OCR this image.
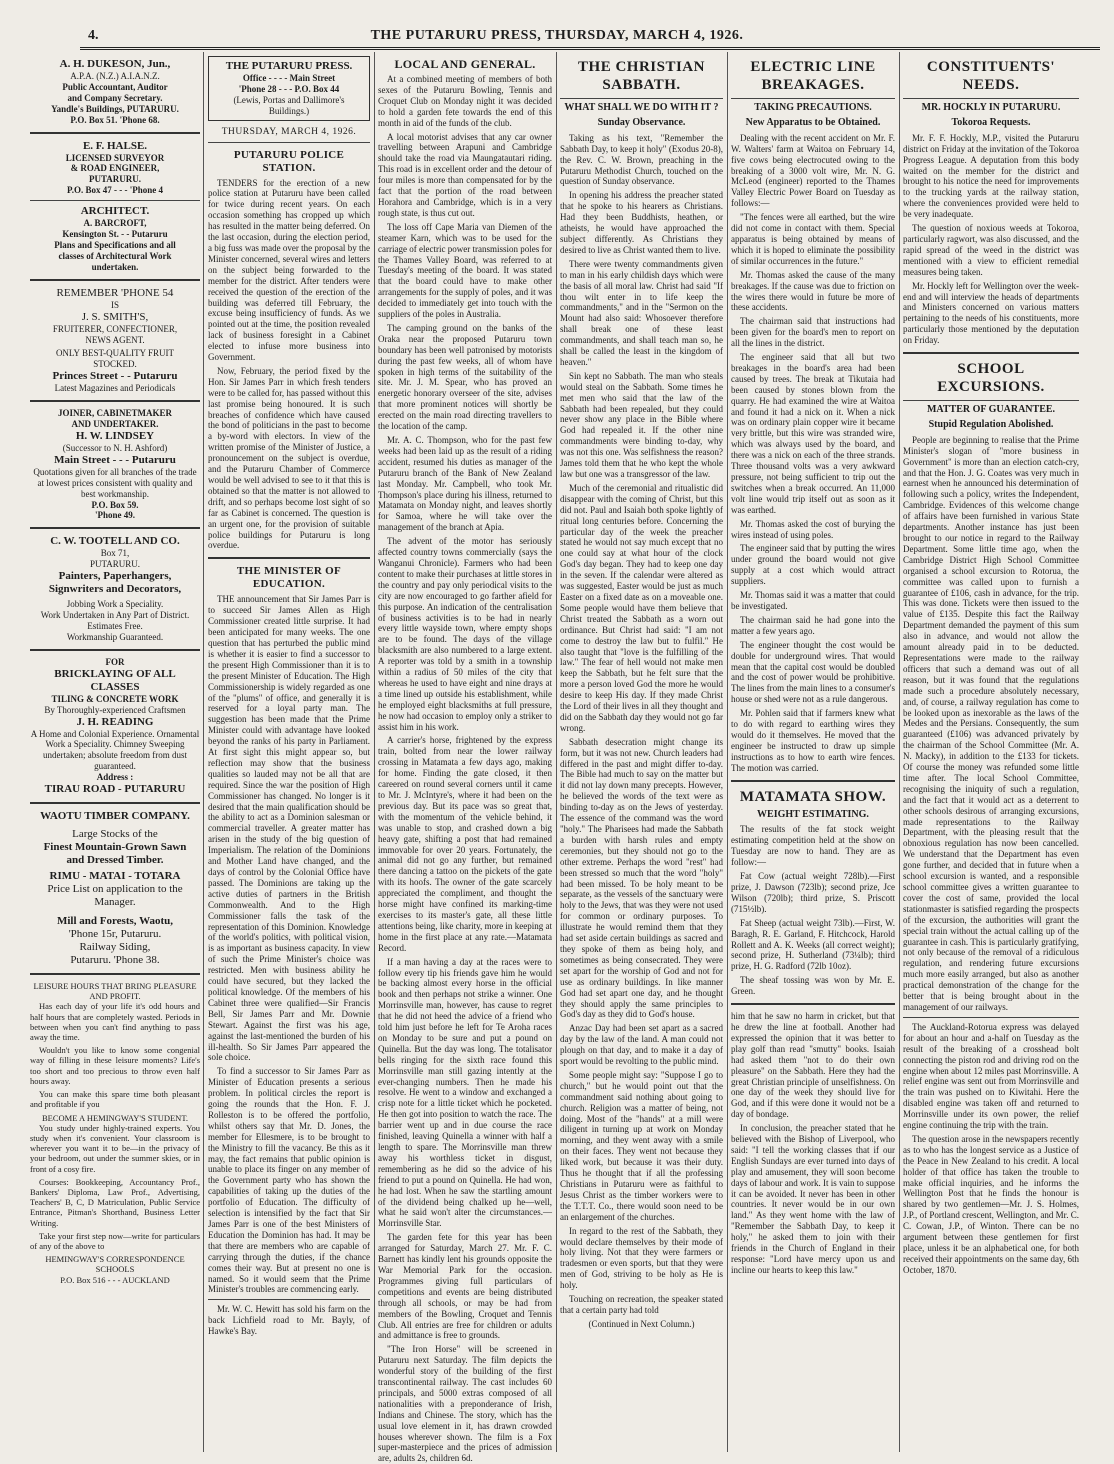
4.	THE PUTARURU PRESS, THURSDAY, MARCH 4, 1926.
A. H. DUKESON, Jun.,
A.P.A. (N.Z.) A.I.A.N.Z.
Public Accountant, Auditor
and Company Secretary.
Yandle's Buildings, PUTARURU.
P.O. Box 51. 'Phone 68.
E. F. HALSE.
LICENSED SURVEYOR
& ROAD ENGINEER,
PUTARURU.
P.O. Box 47 - - - 'Phone 4
ARCHITECT.
A. BARCROFT,
Kensington St. - - Putaruru
Plans and Specifications and all
classes of Architectural Work
undertaken.
REMEMBER 'PHONE 54
IS
J. S. SMITH'S,
FRUITERER, CONFECTIONER,
NEWS AGENT.
ONLY BEST-QUALITY FRUIT
STOCKED.
Princes Street - - Putaruru
Latest Magazines and Periodicals
JOINER, CABINETMAKER
AND UNDERTAKER.
H. W. LINDSEY
(Successor to N. H. Ashford)
Main Street - - - Putaruru
Quotations given for all branches of the trade at lowest prices consistent with quality and best workmanship.
P.O. Box 59.
'Phone 49.
C. W. TOOTELL AND CO.
Box 71,
PUTARURU.
Painters, Paperhangers,
Signwriters and Decorators,
Jobbing Work a Speciality.
Work Undertaken in Any Part of District.
Estimates Free.
Workmanship Guaranteed.
FOR
BRICKLAYING OF ALL
CLASSES
TILING & CONCRETE WORK
By Thoroughly-experienced Craftsmen
J. H. READING
A Home and Colonial Experience. Ornamental Work a Speciality. Chimney Sweeping undertaken; absolute freedom from dust guaranteed.
Address :
TIRAU ROAD - PUTARURU
WAOTU TIMBER COMPANY.
Large Stocks of the
Finest Mountain-Grown Sawn
and Dressed Timber.
RIMU - MATAI - TOTARA
Price List on application to the Manager.
Mill and Forests, Waotu,
'Phone 15r, Putaruru.
Railway Siding,
Putaruru. 'Phone 38.
LEISURE HOURS THAT BRING PLEASURE AND PROFIT.

Has each day of your life it's odd hours and half hours that are completely wasted. Periods in between when you can't find anything to pass away the time.

Wouldn't you like to know some congenial way of filling in these leisure moments? Life's too short and too precious to throw even half hours away.

You can make this spare time both pleasant and profitable if you

BECOME A HEMINGWAY'S STUDENT.

You study under highly-trained experts. You study when it's convenient. Your classroom is wherever you want it to be—in the privacy of your bedroom, out under the summer skies, or in front of a cosy fire.

Courses: Bookkeeping, Accountancy Prof., Bankers' Diploma, Law Prof., Advertising, Teachers' B, C, D Matriculation, Public Service Entrance, Pitman's Shorthand, Business Letter Writing.

Take your first step now—write for particulars of any of the above to

HEMINGWAY'S CORRESPONDENCE SCHOOLS
P.O. Box 516 - - - AUCKLAND
THE PUTARURU PRESS.
Office - - - - Main Street
'Phone 28 - - - P.O. Box 44
(Lewis, Portas and Dallimore's Buildings.)
THURSDAY, MARCH 4, 1926.
PUTARURU POLICE STATION.

TENDERS for the erection of a new police station at Putaruru have been called for twice during recent years. On each occasion something has cropped up which has resulted in the matter being deferred. On the last occasion, during the election period, a big fuss was made over the proposal by the Minister concerned, several wires and letters on the subject being forwarded to the member for the district. After tenders were received the question of the erection of the building was deferred till February, the excuse being insufficiency of funds. As we pointed out at the time, the position revealed lack of business foresight in a Cabinet elected to infuse more business into Government.

Now, February, the period fixed by the Hon. Sir James Parr in which fresh tenders were to be called for, has passed without this last promise being honoured. It is such breaches of confidence which have caused the bond of politicians in the past to become a by-word with electors. In view of the written promise of the Minister of Justice, a pronouncement on the subject is overdue, and the Putaruru Chamber of Commerce would be well advised to see to it that this is obtained so that the matter is not allowed to drift, and so perhaps become lost sight of so far as Cabinet is concerned. The question is an urgent one, for the provision of suitable police buildings for Putaruru is long overdue.

THE MINISTER OF EDUCATION.

THE announcement that Sir James Parr is to succeed Sir James Allen as High Commissioner created little surprise. It had been anticipated for many weeks. The one question that has perturbed the public mind is whether it is easier to find a successor to the present High Commissioner than it is to the present Minister of Education. The High Commissionership is widely regarded as one of the "plums" of office, and generally it is reserved for a loyal party man. The suggestion has been made that the Prime Minister could with advantage have looked beyond the ranks of his party in Parliament. At first sight this might appear so, but reflection may show that the business qualities so lauded may not be all that are required. Since the war the position of High Commissioner has changed. No longer is it desired that the main qualification should be the ability to act as a Dominion salesman or commercial traveller. A greater matter has arisen in the study of the big question of Imperialism. The relation of the Dominions and Mother Land have changed, and the days of control by the Colonial Office have passed. The Dominions are taking up the active duties of partners in the British Commonwealth. And to the High Commissioner falls the task of the representation of this Dominion. Knowledge of the world's politics, with political vision, is as important as business capacity. In view of such the Prime Minister's choice was restricted. Men with business ability he could have secured, but they lacked the political knowledge. Of the members of his Cabinet three were qualified—Sir Francis Bell, Sir James Parr and Mr. Downie Stewart. Against the first was his age, against the last-mentioned the burden of his ill-health. So Sir James Parr appeared the sole choice.

To find a successor to Sir James Parr as Minister of Education presents a serious problem. In political circles the report is going the rounds that the Hon. F. J. Rolleston is to be offered the portfolio, whilst others say that Mr. D. Jones, the member for Ellesmere, is to be brought to the Ministry to fill the vacancy. Be this as it may, the fact remains that public opinion is unable to place its finger on any member of the Government party who has shown the capabilities of taking up the duties of the portfolio of Education. The difficulty of selection is intensified by the fact that Sir James Parr is one of the best Ministers of Education the Dominion has had. It may be that there are members who are capable of carrying through the duties, if the chance comes their way. But at present no one is named. So it would seem that the Prime Minister's troubles are commencing early.

Mr. W. C. Hewitt has sold his farm on the back Lichfield road to Mr. Bayly, of Hawke's Bay.

LOCAL AND GENERAL.

At a combined meeting of members of both sexes of the Putaruru Bowling, Tennis and Croquet Club on Monday night it was decided to hold a garden fete towards the end of this month in aid of the funds of the club.

A local motorist advises that any car owner travelling between Arapuni and Cambridge should take the road via Maungatautari riding. This road is in excellent order and the detour of four miles is more than compensated for by the fact that the portion of the road between Horahora and Cambridge, which is in a very rough state, is thus cut out.

The loss off Cape Maria van Diemen of the steamer Karn, which was to be used for the carriage of electric power transmission poles for the Thames Valley Board, was referred to at Tuesday's meeting of the board. It was stated that the board could have to make other arrangements for the supply of poles, and it was decided to immediately get into touch with the suppliers of the poles in Australia.

The camping ground on the banks of the Oraka near the proposed Putaruru town boundary has been well patronised by motorists during the past few weeks, all of whom have spoken in high terms of the suitability of the site. Mr. J. M. Spear, who has proved an energetic honorary overseer of the site, advises that more prominent notices will shortly be erected on the main road directing travellers to the location of the camp.

Mr. A. C. Thompson, who for the past few weeks had been laid up as the result of a riding accident, resumed his duties as manager of the Putaruru branch of the Bank of New Zealand last Monday. Mr. Campbell, who took Mr. Thompson's place during his illness, returned to Matamata on Monday night, and leaves shortly for Samoa, where he will take over the management of the branch at Apia.

The advent of the motor has seriously affected country towns commercially (says the Wanganui Chronicle). Farmers who had been content to make their purchases at little stores in the country and pay only periodical visits to the city are now encouraged to go farther afield for this purpose. An indication of the centralisation of business activities is to be had in nearly every little wayside town, where empty shops are to be found. The days of the village blacksmith are also numbered to a large extent. A reporter was told by a smith in a township within a radius of 50 miles of the city that whereas he used to have eight and nine drays at a time lined up outside his establishment, while he employed eight blacksmiths at full pressure, he now had occasion to employ only a striker to assist him in his work.

A carrier's horse, frightened by the express train, bolted from near the lower railway crossing in Matamata a few days ago, making for home. Finding the gate closed, it then careered on round several corners until it came to Mr. J. McIntyre's, where it had been on the previous day. But its pace was so great that, with the momentum of the vehicle behind, it was unable to stop, and crashed down a big heavy gate, shifting a post that had remained immovable for over 20 years. Fortunately, the animal did not go any further, but remained there dancing a tattoo on the pickets of the gate with its hoofs. The owner of the gate scarcely appreciated the compliment, and thought the horse might have confined its marking-time exercises to its master's gate, all these little attentions being, like charity, more in keeping at home in the first place at any rate.—Matamata Record.

If a man having a day at the races were to follow every tip his friends gave him he would be backing almost every horse in the official book and then perhaps not strike a winner. One Morrinsville man, however, has cause to regret that he did not heed the advice of a friend who told him just before he left for Te Aroha races on Monday to be sure and put a pound on Quinella. But the day was long. The totalisator bells ringing for the sixth race found this Morrinsville man still gazing intently at the ever-changing numbers. Then he made his resolve. He went to a window and exchanged a crisp note for a little ticket which he pocketed. He then got into position to watch the race. The barrier went up and in due course the race finished, leaving Quinella a winner with half a length to spare. The Morrinsville man threw away his worthless ticket in disgust, remembering as he did so the advice of his friend to put a pound on Quinella. He had won, he had lost. When he saw the startling amount of the dividend being chalked up he—well, what he said won't alter the circumstances.—Morrinsville Star.

The garden fete for this year has been arranged for Saturday, March 27. Mr. F. C. Barnett has kindly lent his grounds opposite the War Memorial Park for the occasion. Programmes giving full particulars of competitions and events are being distributed through all schools, or may be had from members of the Bowling, Croquet and Tennis Club. All entries are free for children or adults and admittance is free to grounds.

"The Iron Horse" will be screened in Putaruru next Saturday. The film depicts the wonderful story of the building of the first transcontinental railway. The cast includes 60 principals, and 5000 extras composed of all nationalities with a preponderance of Irish, Indians and Chinese. The story, which has the usual love element in it, has drawn crowded houses wherever shown. The film is a Fox super-masterpiece and the prices of admission are, adults 2s, children 6d.

THE CHRISTIAN SABBATH.
WHAT SHALL WE DO WITH IT ?
Sunday Observance.

Taking as his text, "Remember the Sabbath Day, to keep it holy" (Exodus 20-8), the Rev. C. W. Brown, preaching in the Putaruru Methodist Church, touched on the question of Sunday observance.

In opening his address the preacher stated that he spoke to his hearers as Christians. Had they been Buddhists, heathen, or atheists, he would have approached the subject differently. As Christians they desired to live as Christ wanted them to live.

There were twenty commandments given to man in his early childish days which were the basis of all moral law. Christ had said "If thou wilt enter in to life keep the commandments," and in the "Sermon on the Mount had also said: Whosoever therefore shall break one of these least commandments, and shall teach man so, he shall be called the least in the kingdom of heaven."

Sin kept no Sabbath. The man who steals would steal on the Sabbath. Some times he met men who said that the law of the Sabbath had been repealed, but they could never show any place in the Bible where God had repealed it. If the other nine commandments were binding to-day, why was not this one. Was selfishness the reason? James told them that he who kept the whole law but one was a transgressor of the law.

Much of the ceremonial and ritualistic did disappear with the coming of Christ, but this did not. Paul and Isaiah both spoke lightly of ritual long centuries before. Concerning the particular day of the week the preacher stated he would not say much except that no one could say at what hour of the clock God's day began. They had to keep one day in the seven. If the calendar were altered as was suggested, Easter would be just as much Easter on a fixed date as on a moveable one. Some people would have them believe that Christ treated the Sabbath as a worn out ordinance. But Christ had said: "I am not come to destroy the law but to fulfil." He also taught that "love is the fulfilling of the law." The fear of hell would not make men keep the Sabbath, but he felt sure that the more a person loved God the more he would desire to keep His day. If they made Christ the Lord of their lives in all they thought and did on the Sabbath day they would not go far wrong.

Sabbath desecration might change its form, but it was not new. Church leaders had differed in the past and might differ to-day. The Bible had much to say on the matter but it did not lay down many precepts. However, he believed the words of the text were as binding to-day as on the Jews of yesterday. The essence of the command was the word "holy." The Pharisees had made the Sabbath a burden with harsh rules and empty ceremonies, but they should not go to the other extreme. Perhaps the word "rest" had been stressed so much that the word "holy" had been missed. To be holy meant to be separate, as the vessels of the sanctuary were holy to the Jews, that was they were not used for common or ordinary purposes. To illustrate he would remind them that they had set aside certain buildings as sacred and they spoke of them as being holy, and sometimes as being consecrated. They were set apart for the worship of God and not for use as ordinary buildings. In like manner God had set apart one day, and he thought they should apply the same principles to God's day as they did to God's house.

Anzac Day had been set apart as a sacred day by the law of the land. A man could not plough on that day, and to make it a day of sport would be revolting to the public mind.

Some people might say: "Suppose I go to church," but he would point out that the commandment said nothing about going to church. Religion was a matter of being, not doing. Most of the "hands" at a mill were diligent in turning up at work on Monday morning, and they went away with a smile on their faces. They went not because they liked work, but because it was their duty. Thus he thought that if all the professing Christians in Putaruru were as faithful to Jesus Christ as the timber workers were to the T.T.T. Co., there would soon need to be an enlargement of the churches.

In regard to the rest of the Sabbath, they would declare themselves by their mode of holy living. Not that they were farmers or tradesmen or even sports, but that they were men of God, striving to be holy as He is holy.

Touching on recreation, the speaker stated that a certain party had told

(Continued in Next Column.)
ELECTRIC LINE BREAKAGES.
TAKING PRECAUTIONS.
New Apparatus to be Obtained.

Dealing with the recent accident on Mr. F. W. Walters' farm at Waitoa on February 14, five cows being electrocuted owing to the breaking of a 3000 volt wire, Mr. N. G. McLeod (engineer) reported to the Thames Valley Electric Power Board on Tuesday as follows:—

"The fences were all earthed, but the wire did not come in contact with them. Special apparatus is being obtained by means of which it is hoped to eliminate the possibility of similar occurrences in the future."

Mr. Thomas asked the cause of the many breakages. If the cause was due to friction on the wires there would in future be more of these accidents.

The chairman said that instructions had been given for the board's men to report on all the lines in the district.

The engineer said that all but two breakages in the board's area had been caused by trees. The break at Tikutaia had been caused by stones blown from the quarry. He had examined the wire at Waitoa and found it had a nick on it. When a nick was on ordinary plain copper wire it became very brittle, but this wire was stranded wire, which was always used by the board, and there was a nick on each of the three strands. Three thousand volts was a very awkward pressure, not being sufficient to trip out the switches when a break occurred. An 11,000 volt line would trip itself out as soon as it was earthed.

Mr. Thomas asked the cost of burying the wires instead of using poles.

The engineer said that by putting the wires under ground the board would not give supply at a cost which would attract suppliers.

Mr. Thomas said it was a matter that could be investigated.

The chairman said he had gone into the matter a few years ago.

The engineer thought the cost would be double for underground wires. That would mean that the capital cost would be doubled and the cost of power would be prohibitive. The lines from the main lines to a consumer's house or shed were not as a rule dangerous.

Mr. Pohlen said that if farmers knew what to do with regard to earthing wires they would do it themselves. He moved that the engineer be instructed to draw up simple instructions as to how to earth wire fences. The motion was carried.

MATAMATA SHOW.
WEIGHT ESTIMATING.

The results of the fat stock weight estimating competition held at the show on Tuesday are now to hand. They are as follow:—

Fat Cow (actual weight 728lb).—First prize, J. Dawson (723lb); second prize, Jce Wilson (720lb); third prize, S. Priscott (715½lb).

Fat Sheep (actual weight 73lb).—First, W. Baragh, R. E. Garland, F. Hitchcock, Harold Rollett and A. K. Weeks (all correct weight); second prize, H. Sutherland (73¼lb); third prize, H. G. Radford (72lb 10oz).

The sheaf tossing was won by Mr. E. Green.

him that he saw no harm in cricket, but that he drew the line at football. Another had expressed the opinion that it was better to play golf than read "smutty" books. Isaiah had asked them "not to do their own pleasure" on the Sabbath. Here they had the great Christian principle of unselfishness. On one day of the week they should live for God, and if this were done it would not be a day of bondage.

In conclusion, the preacher stated that he believed with the Bishop of Liverpool, who said: "I tell the working classes that if our English Sundays are ever turned into days of play and amusement, they will soon become days of labour and work. It is vain to suppose it can be avoided. It never has been in other countries. It never would be in our own land." As they went home with the law of "Remember the Sabbath Day, to keep it holy," he asked them to join with their friends in the Church of England in their response: "Lord have mercy upon us and incline our hearts to keep this law."

CONSTITUENTS' NEEDS.
MR. HOCKLY IN PUTARURU.
Tokoroa Requests.

Mr. F. F. Hockly, M.P., visited the Putaruru district on Friday at the invitation of the Tokoroa Progress League. A deputation from this body waited on the member for the district and brought to his notice the need for improvements to the trucking yards at the railway station, where the conveniences provided were held to be very inadequate.

The question of noxious weeds at Tokoroa, particularly ragwort, was also discussed, and the rapid spread of the weed in the district was mentioned with a view to efficient remedial measures being taken.

Mr. Hockly left for Wellington over the week-end and will interview the heads of departments and Ministers concerned on various matters pertaining to the needs of his constituents, more particularly those mentioned by the deputation on Friday.

SCHOOL EXCURSIONS.
MATTER OF GUARANTEE.
Stupid Regulation Abolished.

People are beginning to realise that the Prime Minister's slogan of "more business in Government" is more than an election catch-cry, and that the Hon. J. G. Coates was very much in earnest when he announced his determination of following such a policy, writes the Independent, Cambridge. Evidences of this welcome change of affairs have been furnished in various State departments. Another instance has just been brought to our notice in regard to the Railway Department. Some little time ago, when the Cambridge District High School Committee organised a school excursion to Rotorua, the committee was called upon to furnish a guarantee of £106, cash in advance, for the trip. This was done. Tickets were then issued to the value of £135. Despite this fact the Railway Department demanded the payment of this sum also in advance, and would not allow the amount already paid in to be deducted. Representations were made to the railway officers that such a demand was out of all reason, but it was found that the regulations made such a procedure absolutely necessary, and, of course, a railway regulation has come to be looked upon as inexorable as the laws of the Medes and the Persians. Consequently, the sum guaranteed (£106) was advanced privately by the chairman of the School Committee (Mr. A. N. Macky), in addition to the £133 for tickets. Of course the money was refunded some little time after. The local School Committee, recognising the iniquity of such a regulation, and the fact that it would act as a deterrent to other schools desirous of arranging excursions, made representations to the Railway Department, with the pleasing result that the obnoxious regulation has now been cancelled. We understand that the Department has even gone further, and decided that in future when a school excursion is wanted, and a responsible school committee gives a written guarantee to cover the cost of same, provided the local stationmaster is satisfied regarding the prospects of the excursion, the authorities will grant the special train without the actual calling up of the guarantee in cash. This is particularly gratifying, not only because of the removal of a ridiculous regulation, and rendering future excursions much more easily arranged, but also as another practical demonstration of the change for the better that is being brought about in the management of our railways.

The Auckland-Rotorua express was delayed for about an hour and a-half on Tuesday as the result of the breaking of a crosshead bolt connecting the piston rod and driving rod on the engine when about 12 miles past Morrinsville. A relief engine was sent out from Morrinsville and the train was pushed on to Kiwitahi. Here the disabled engine was taken off and returned to Morrinsville under its own power, the relief engine continuing the trip with the train.

The question arose in the newspapers recently as to who has the longest service as a Justice of the Peace in New Zealand to his credit. A local holder of that office has taken the trouble to make official inquiries, and he informs the Wellington Post that he finds the honour is shared by two gentlemen—Mr. J. S. Holmes, J.P., of Portland crescent, Wellington, and Mr. C. C. Cowan, J.P., of Winton. There can be no argument between these gentlemen for first place, unless it be an alphabetical one, for both received their appointments on the same day, 6th October, 1870.
